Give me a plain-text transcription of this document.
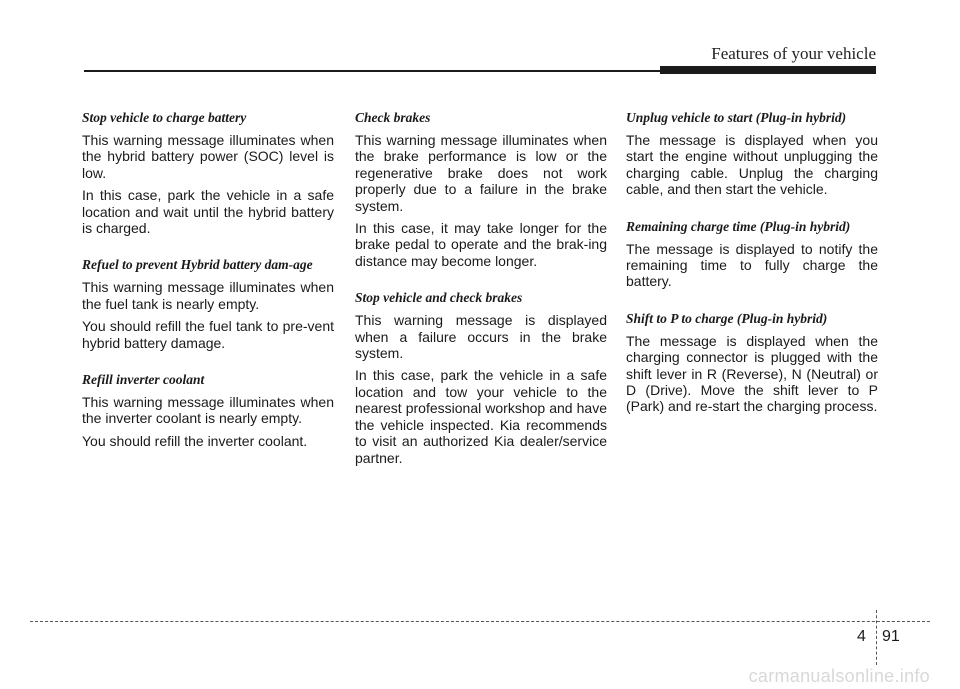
Features of your vehicle
Stop vehicle to charge battery

This warning message illuminates when the hybrid battery power (SOC) level is low.

In this case, park the vehicle in a safe location and wait until the hybrid battery is charged.

Refuel to prevent Hybrid battery dam-age

This warning message illuminates when the fuel tank is nearly empty.

You should refill the fuel tank to pre-vent hybrid battery damage.

Refill inverter coolant

This warning message illuminates when the inverter coolant is nearly empty.

You should refill the inverter coolant.

Check brakes

This warning message illuminates when the brake performance is low or the regenerative brake does not work properly due to a failure in the brake system.

In this case, it may take longer for the brake pedal to operate and the brak-ing distance may become longer.

Stop vehicle and check brakes

This warning message is displayed when a failure occurs in the brake system.

In this case, park the vehicle in a safe location and tow your vehicle to the nearest professional workshop and have the vehicle inspected. Kia recommends to visit an authorized Kia dealer/service partner.

Unplug vehicle to start (Plug-in hybrid)

The message is displayed when you start the engine without unplugging the charging cable. Unplug the charging cable, and then start the vehicle.

Remaining charge time (Plug-in hybrid)

The message is displayed to notify the remaining time to fully charge the battery.

Shift to P to charge (Plug-in hybrid)

The message is displayed when the charging connector is plugged with the shift lever in R (Reverse), N (Neutral) or D (Drive). Move the shift lever to P (Park) and re-start the charging process.

4 91
carmanualsonline.info
